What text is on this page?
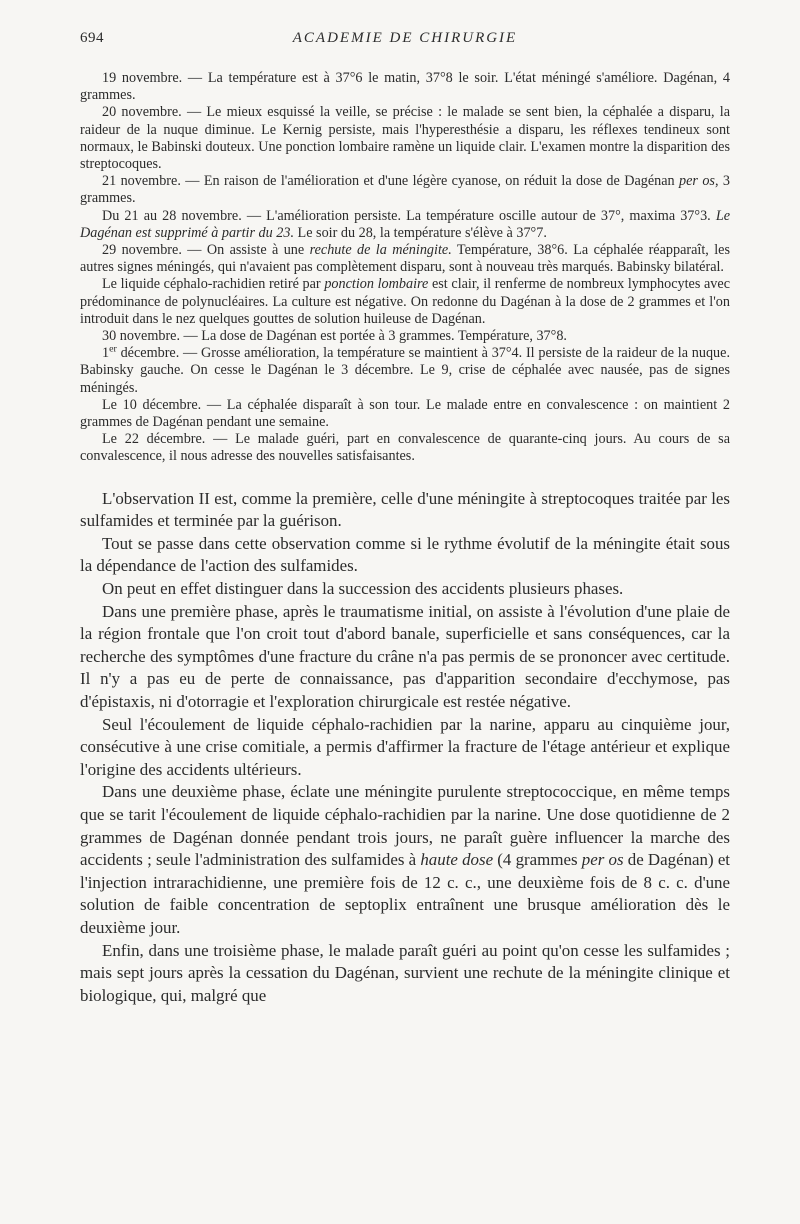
694	ACADEMIE DE CHIRURGIE

19 novembre. — La température est à 37°6 le matin, 37°8 le soir. L'état méningé s'améliore. Dagénan, 4 grammes.

20 novembre. — Le mieux esquissé la veille, se précise : le malade se sent bien, la céphalée a disparu, la raideur de la nuque diminue. Le Kernig persiste, mais l'hyperesthésie a disparu, les réflexes tendineux sont normaux, le Babinski douteux. Une ponction lombaire ramène un liquide clair. L'examen montre la disparition des streptocoques.

21 novembre. — En raison de l'amélioration et d'une légère cyanose, on réduit la dose de Dagénan per os, 3 grammes.

Du 21 au 28 novembre. — L'amélioration persiste. La température oscille autour de 37°, maxima 37°3. Le Dagénan est supprimé à partir du 23. Le soir du 28, la température s'élève à 37°7.

29 novembre. — On assiste à une rechute de la méningite. Température, 38°6. La céphalée réapparaît, les autres signes méningés, qui n'avaient pas complètement disparu, sont à nouveau très marqués. Babinsky bilatéral.

Le liquide céphalo-rachidien retiré par ponction lombaire est clair, il renferme de nombreux lymphocytes avec prédominance de polynucléaires. La culture est négative. On redonne du Dagénan à la dose de 2 grammes et l'on introduit dans le nez quelques gouttes de solution huileuse de Dagénan.

30 novembre. — La dose de Dagénan est portée à 3 grammes. Température, 37°8.

1er décembre. — Grosse amélioration, la température se maintient à 37°4. Il persiste de la raideur de la nuque. Babinsky gauche. On cesse le Dagénan le 3 décembre. Le 9, crise de céphalée avec nausée, pas de signes méningés.

Le 10 décembre. — La céphalée disparaît à son tour. Le malade entre en convalescence : on maintient 2 grammes de Dagénan pendant une semaine.

Le 22 décembre. — Le malade guéri, part en convalescence de quarante-cinq jours. Au cours de sa convalescence, il nous adresse des nouvelles satisfaisantes.

L'observation II est, comme la première, celle d'une méningite à streptocoques traitée par les sulfamides et terminée par la guérison.

Tout se passe dans cette observation comme si le rythme évolutif de la méningite était sous la dépendance de l'action des sulfamides.

On peut en effet distinguer dans la succession des accidents plusieurs phases.

Dans une première phase, après le traumatisme initial, on assiste à l'évolution d'une plaie de la région frontale que l'on croit tout d'abord banale, superficielle et sans conséquences, car la recherche des symptômes d'une fracture du crâne n'a pas permis de se prononcer avec certitude. Il n'y a pas eu de perte de connaissance, pas d'apparition secondaire d'ecchymose, pas d'épistaxis, ni d'otorragie et l'exploration chirurgicale est restée négative.

Seul l'écoulement de liquide céphalo-rachidien par la narine, apparu au cinquième jour, consécutive à une crise comitiale, a permis d'affirmer la fracture de l'étage antérieur et explique l'origine des accidents ultérieurs.

Dans une deuxième phase, éclate une méningite purulente streptococcique, en même temps que se tarit l'écoulement de liquide céphalo-rachidien par la narine. Une dose quotidienne de 2 grammes de Dagénan donnée pendant trois jours, ne paraît guère influencer la marche des accidents ; seule l'administration des sulfamides à haute dose (4 grammes per os de Dagénan) et l'injection intrarachidienne, une première fois de 12 c. c., une deuxième fois de 8 c. c. d'une solution de faible concentration de septoplix entraînent une brusque amélioration dès le deuxième jour.

Enfin, dans une troisième phase, le malade paraît guéri au point qu'on cesse les sulfamides ; mais sept jours après la cessation du Dagénan, survient une rechute de la méningite clinique et biologique, qui, malgré que
